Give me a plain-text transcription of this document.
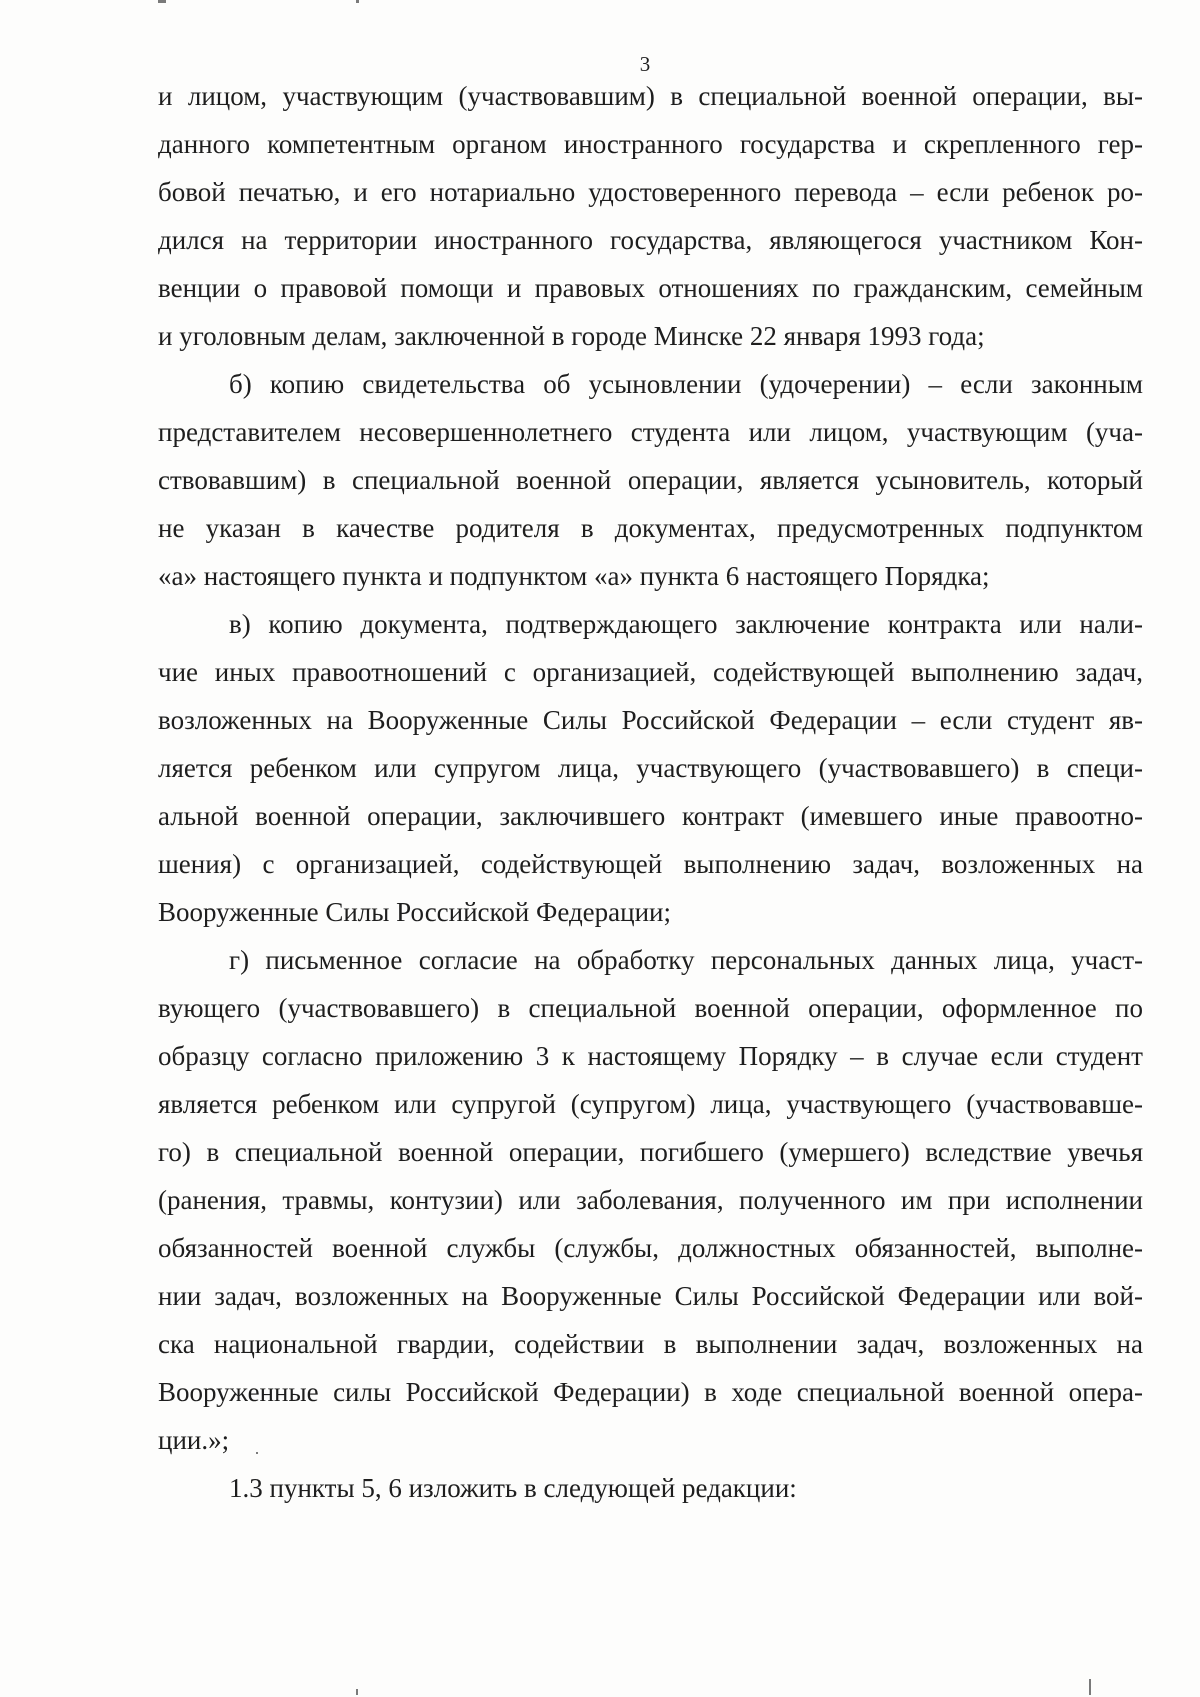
3
и лицом, участвующим (участвовавшим) в специальной военной операции, вы-
данного компетентным органом иностранного государства и скрепленного гер-
бовой печатью, и его нотариально удостоверенного перевода – если ребенок ро-
дился на территории иностранного государства, являющегося участником Кон-
венции о правовой помощи и правовых отношениях по гражданским, семейным
и уголовным делам, заключенной в городе Минске 22 января 1993 года;
б) копию свидетельства об усыновлении (удочерении) – если законным
представителем несовершеннолетнего студента или лицом, участвующим (уча-
ствовавшим) в специальной военной операции, является усыновитель, который
не указан в качестве родителя в документах, предусмотренных подпунктом
«а» настоящего пункта и подпунктом «а» пункта 6 настоящего Порядка;
в) копию документа, подтверждающего заключение контракта или нали-
чие иных правоотношений с организацией, содействующей выполнению задач,
возложенных на Вооруженные Силы Российской Федерации – если студент яв-
ляется ребенком или супругом лица, участвующего (участвовавшего) в специ-
альной военной операции, заключившего контракт (имевшего иные правоотно-
шения) с организацией, содействующей выполнению задач, возложенных на
Вооруженные Силы Российской Федерации;
г) письменное согласие на обработку персональных данных лица, участ-
вующего (участвовавшего) в специальной военной операции, оформленное по
образцу согласно приложению 3 к настоящему Порядку – в случае если студент
является ребенком или супругой (супругом) лица, участвующего (участвовавше-
го) в специальной военной операции, погибшего (умершего) вследствие увечья
(ранения, травмы, контузии) или заболевания, полученного им при исполнении
обязанностей военной службы (службы, должностных обязанностей, выполне-
нии задач, возложенных на Вооруженные Силы Российской Федерации или вой-
ска национальной гвардии, содействии в выполнении задач, возложенных на
Вооруженные силы Российской Федерации) в ходе специальной военной опера-
ции.»;
1.3 пункты 5, 6 изложить в следующей редакции:
